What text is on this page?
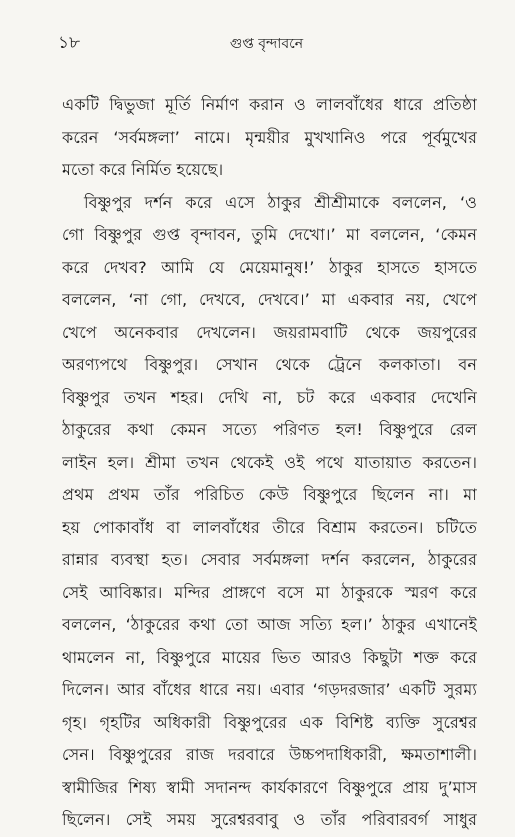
১৮	গুপ্ত বৃন্দাবনে
একটি দ্বিভুজা মূর্তি নির্মাণ করান ও লালবাঁধের ধারে প্রতিষ্ঠা
করেন ‘সর্বমঙ্গলা’ নামে। মৃন্ময়ীর মুখখানিও পরে পূর্বমুখের
মতো করে নির্মিত হয়েছে।
বিষ্ণুপুর দর্শন করে এসে ঠাকুর শ্রীশ্রীমাকে বললেন, ‘ও
গো বিষ্ণুপুর গুপ্ত বৃন্দাবন, তুমি দেখো।’ মা বললেন, ‘কেমন
করে দেখব? আমি যে মেয়েমানুষ!’ ঠাকুর হাসতে হাসতে
বললেন, ‘না গো, দেখবে, দেখবে।’ মা একবার নয়, খেপে
খেপে অনেকবার দেখলেন। জয়রামবাটি থেকে জয়পুরের
অরণ্যপথে বিষ্ণুপুর। সেখান থেকে ট্রেনে কলকাতা। বন
বিষ্ণুপুর তখন শহর। দেখি না, চট করে একবার দেখেনি
ঠাকুরের কথা কেমন সত্যে পরিণত হল! বিষ্ণুপুরে রেল
লাইন হল। শ্রীমা তখন থেকেই ওই পথে যাতায়াত করতেন।
প্রথম প্রথম তাঁর পরিচিত কেউ বিষ্ণুপুরে ছিলেন না। মা
হয় পোকাবাঁধ বা লালবাঁধের তীরে বিশ্রাম করতেন। চটিতে
রান্নার ব্যবস্থা হত। সেবার সর্বমঙ্গলা দর্শন করলেন, ঠাকুরের
সেই আবিষ্কার। মন্দির প্রাঙ্গণে বসে মা ঠাকুরকে স্মরণ করে
বললেন, ‘ঠাকুরের কথা তো আজ সত্যি হল।’ ঠাকুর এখানেই
থামলেন না, বিষ্ণুপুরে মায়ের ভিত আরও কিছুটা শক্ত করে
দিলেন। আর বাঁধের ধারে নয়। এবার ‘গড়দরজার’ একটি সুরম্য
গৃহ। গৃহটির অধিকারী বিষ্ণুপুরের এক বিশিষ্ট ব্যক্তি সুরেশ্বর
সেন। বিষ্ণুপুরের রাজ দরবারে উচ্চপদাধিকারী, ক্ষমতাশালী।
স্বামীজির শিষ্য স্বামী সদানন্দ কার্যকারণে বিষ্ণুপুরে প্রায় দু’মাস
ছিলেন। সেই সময় সুরেশ্বরবাবু ও তাঁর পরিবারবর্গ সাধুর
